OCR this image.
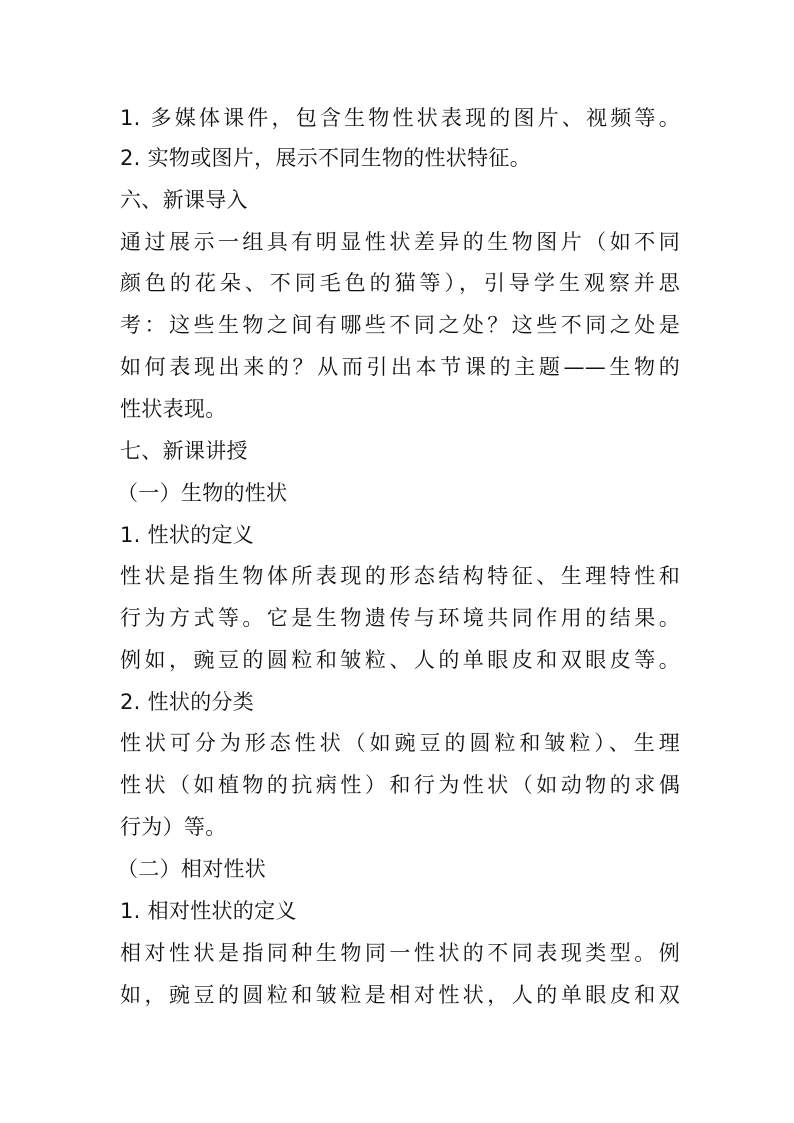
1. 多媒体课件，包含生物性状表现的图片、视频等。
2. 实物或图片，展示不同生物的性状特征。
六、新课导入
通过展示一组具有明显性状差异的生物图片（如不同
颜色的花朵、不同毛色的猫等），引导学生观察并思
考：这些生物之间有哪些不同之处？这些不同之处是
如何表现出来的？从而引出本节课的主题——生物的
性状表现。
七、新课讲授
（一）生物的性状
1. 性状的定义
性状是指生物体所表现的形态结构特征、生理特性和
行为方式等。它是生物遗传与环境共同作用的结果。
例如，豌豆的圆粒和皱粒、人的单眼皮和双眼皮等。
2. 性状的分类
性状可分为形态性状（如豌豆的圆粒和皱粒）、生理
性状（如植物的抗病性）和行为性状（如动物的求偶
行为）等。
（二）相对性状
1. 相对性状的定义
相对性状是指同种生物同一性状的不同表现类型。例
如，豌豆的圆粒和皱粒是相对性状，人的单眼皮和双
